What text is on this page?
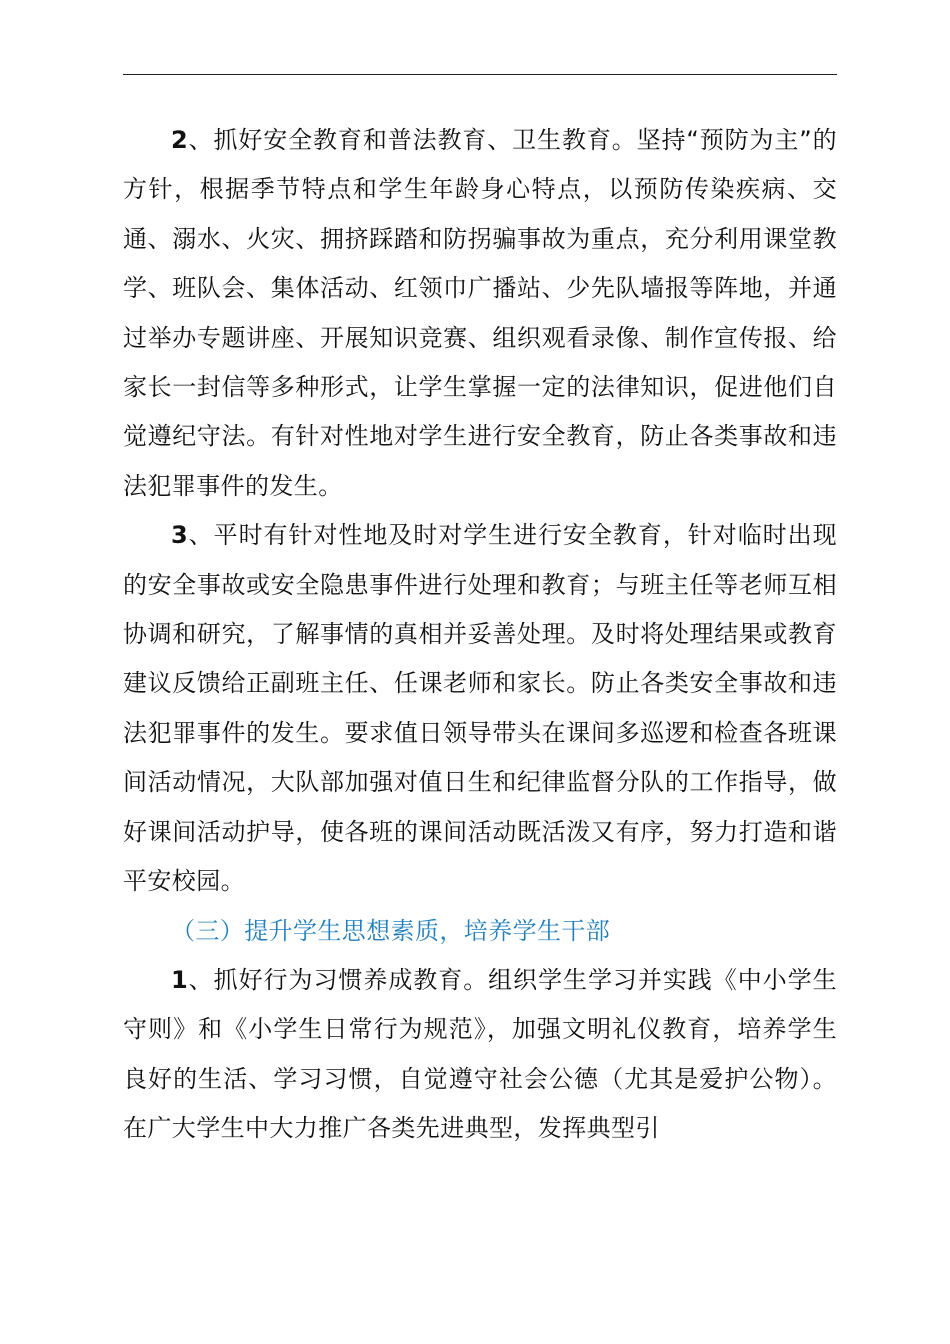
2、抓好安全教育和普法教育、卫生教育。坚持“预防为主”的方针，根据季节特点和学生年龄身心特点，以预防传染疾病、交通、溺水、火灾、拥挤踩踏和防拐骗事故为重点，充分利用课堂教学、班队会、集体活动、红领巾广播站、少先队墙报等阵地，并通过举办专题讲座、开展知识竞赛、组织观看录像、制作宣传报、给家长一封信等多种形式，让学生掌握一定的法律知识，促进他们自觉遵纪守法。有针对性地对学生进行安全教育，防止各类事故和违法犯罪事件的发生。

3、平时有针对性地及时对学生进行安全教育，针对临时出现的安全事故或安全隐患事件进行处理和教育；与班主任等老师互相协调和研究，了解事情的真相并妥善处理。及时将处理结果或教育建议反馈给正副班主任、任课老师和家长。防止各类安全事故和违法犯罪事件的发生。要求值日领导带头在课间多巡逻和检查各班课间活动情况，大队部加强对值日生和纪律监督分队的工作指导，做好课间活动护导，使各班的课间活动既活泼又有序，努力打造和谐平安校园。

（三）提升学生思想素质，培养学生干部

1、抓好行为习惯养成教育。组织学生学习并实践《中小学生守则》和《小学生日常行为规范》，加强文明礼仪教育，培养学生良好的生活、学习习惯，自觉遵守社会公德（尤其是爱护公物）。在广大学生中大力推广各类先进典型，发挥典型引
